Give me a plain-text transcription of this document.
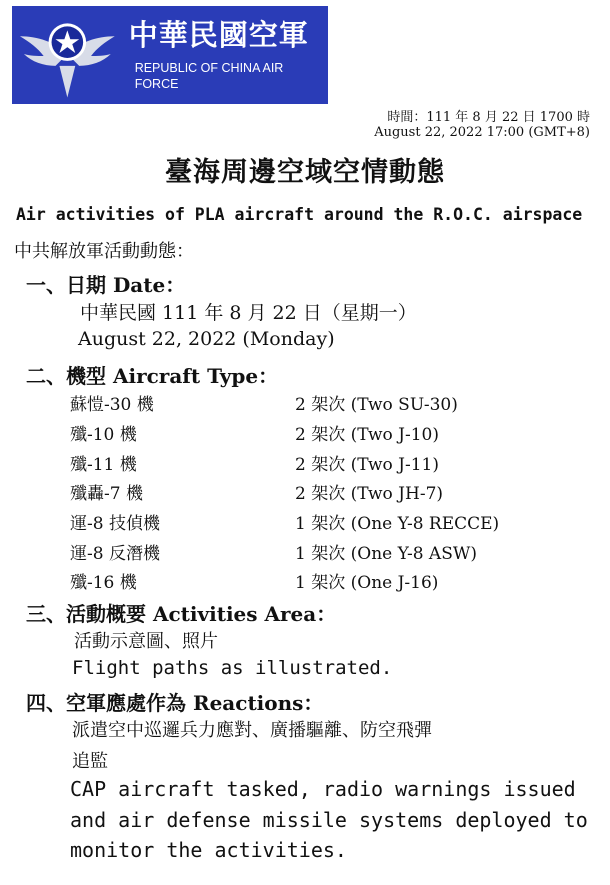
中華民國空軍
REPUBLIC OF CHINA AIR FORCE
時間：111 年 8 月 22 日 1700 時
August 22, 2022 17:00 (GMT+8)
臺海周邊空域空情動態
Air activities of PLA aircraft around the R.O.C. airspace
中共解放軍活動動態：
一、日期 Date：
中華民國 111 年 8 月 22 日（星期一）
August 22, 2022 (Monday)
二、機型 Aircraft Type：
蘇愷-30 機	2 架次 (Two SU-30)
殲-10 機	2 架次 (Two J-10)
殲-11 機	2 架次 (Two J-11)
殲轟-7 機	2 架次 (Two JH-7)
運-8 技偵機	1 架次 (One Y-8 RECCE)
運-8 反潛機	1 架次 (One Y-8 ASW)
殲-16 機	1 架次 (One J-16)
三、活動概要 Activities Area：
活動示意圖、照片
Flight paths as illustrated.
四、空軍應處作為 Reactions：
派遣空中巡邏兵力應對、廣播驅離、防空飛彈
追監
CAP aircraft tasked, radio warnings issued
and air defense missile systems deployed to
monitor the activities.
